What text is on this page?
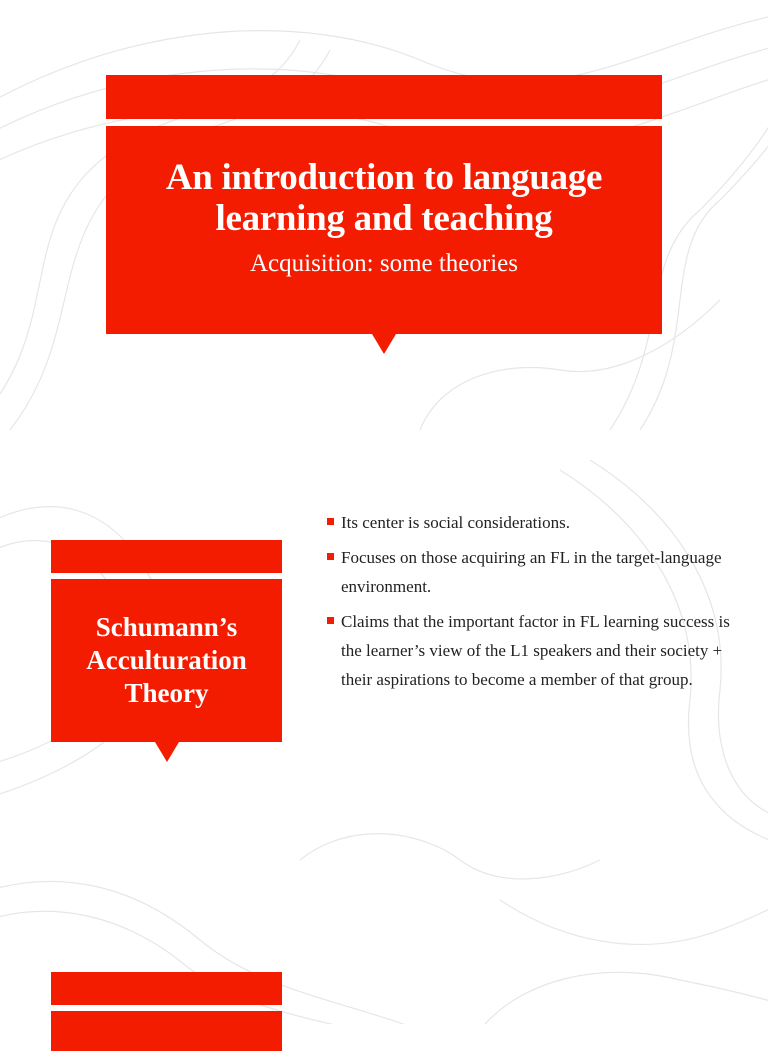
An introduction to language learning and teaching
Acquisition: some theories
Schumann’s Acculturation Theory
Its center is social considerations.
Focuses on those acquiring an FL in the target-language environment.
Claims that the important factor in FL learning success is the learner’s view of the L1 speakers and their society + their aspirations to become a member of that group.
